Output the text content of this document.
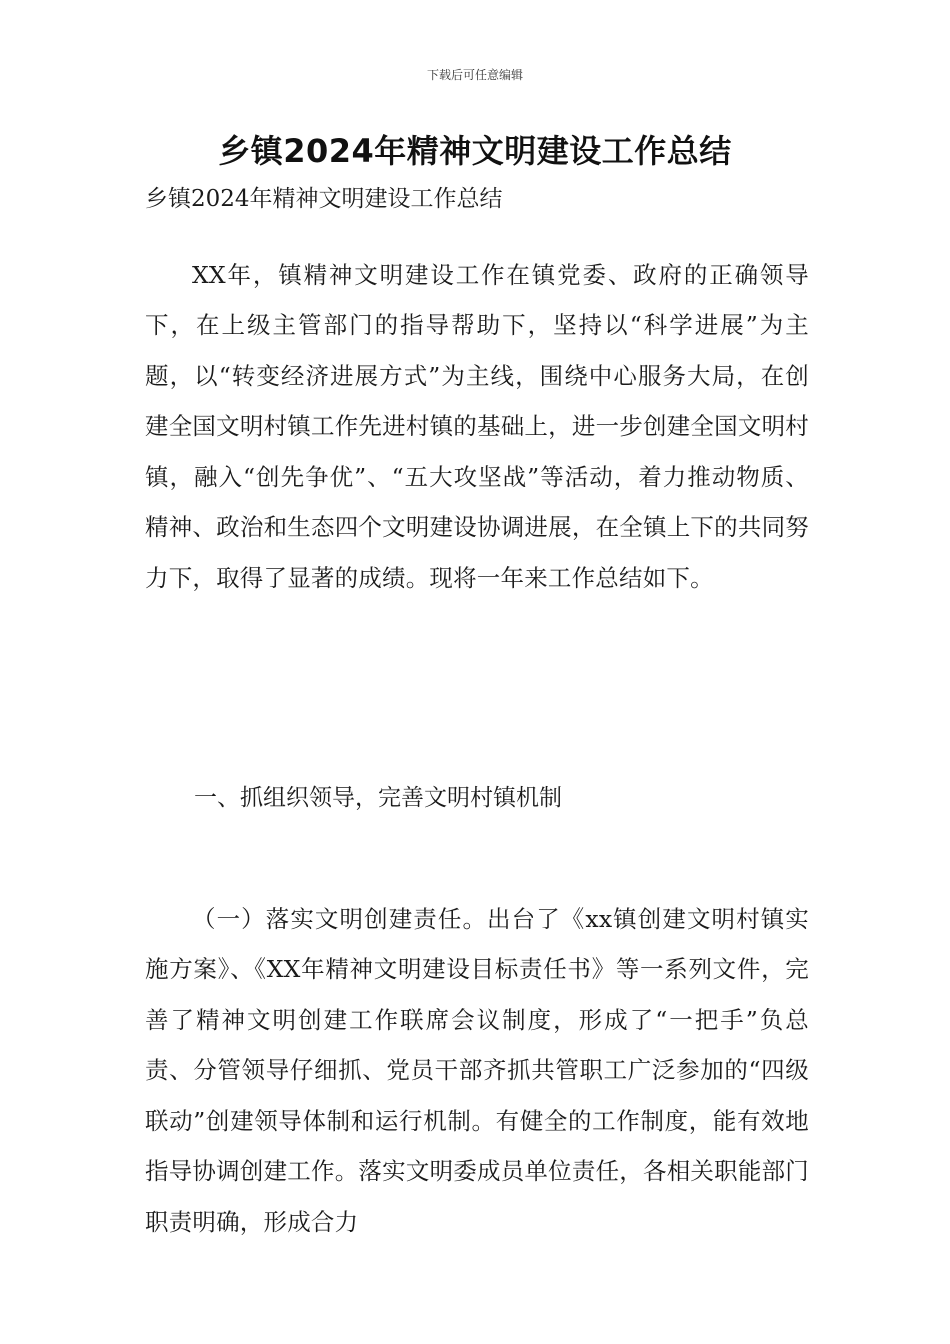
下载后可任意编辑
乡镇2024年精神文明建设工作总结
乡镇2024年精神文明建设工作总结

XX年，镇精神文明建设工作在镇党委、政府的正确领导下，在上级主管部门的指导帮助下，坚持以“科学进展”为主题，以“转变经济进展方式”为主线，围绕中心服务大局，在创建全国文明村镇工作先进村镇的基础上，进一步创建全国文明村镇，融入“创先争优”、“五大攻坚战”等活动，着力推动物质、精神、政治和生态四个文明建设协调进展，在全镇上下的共同努力下，取得了显著的成绩。现将一年来工作总结如下。

一、抓组织领导，完善文明村镇机制

（一）落实文明创建责任。出台了《xx镇创建文明村镇实施方案》、《XX年精神文明建设目标责任书》等一系列文件，完善了精神文明创建工作联席会议制度，形成了“一把手”负总责、分管领导仔细抓、党员干部齐抓共管职工广泛参加的“四级联动”创建领导体制和运行机制。有健全的工作制度，能有效地指导协调创建工作。落实文明委成员单位责任，各相关职能部门职责明确，形成合力
